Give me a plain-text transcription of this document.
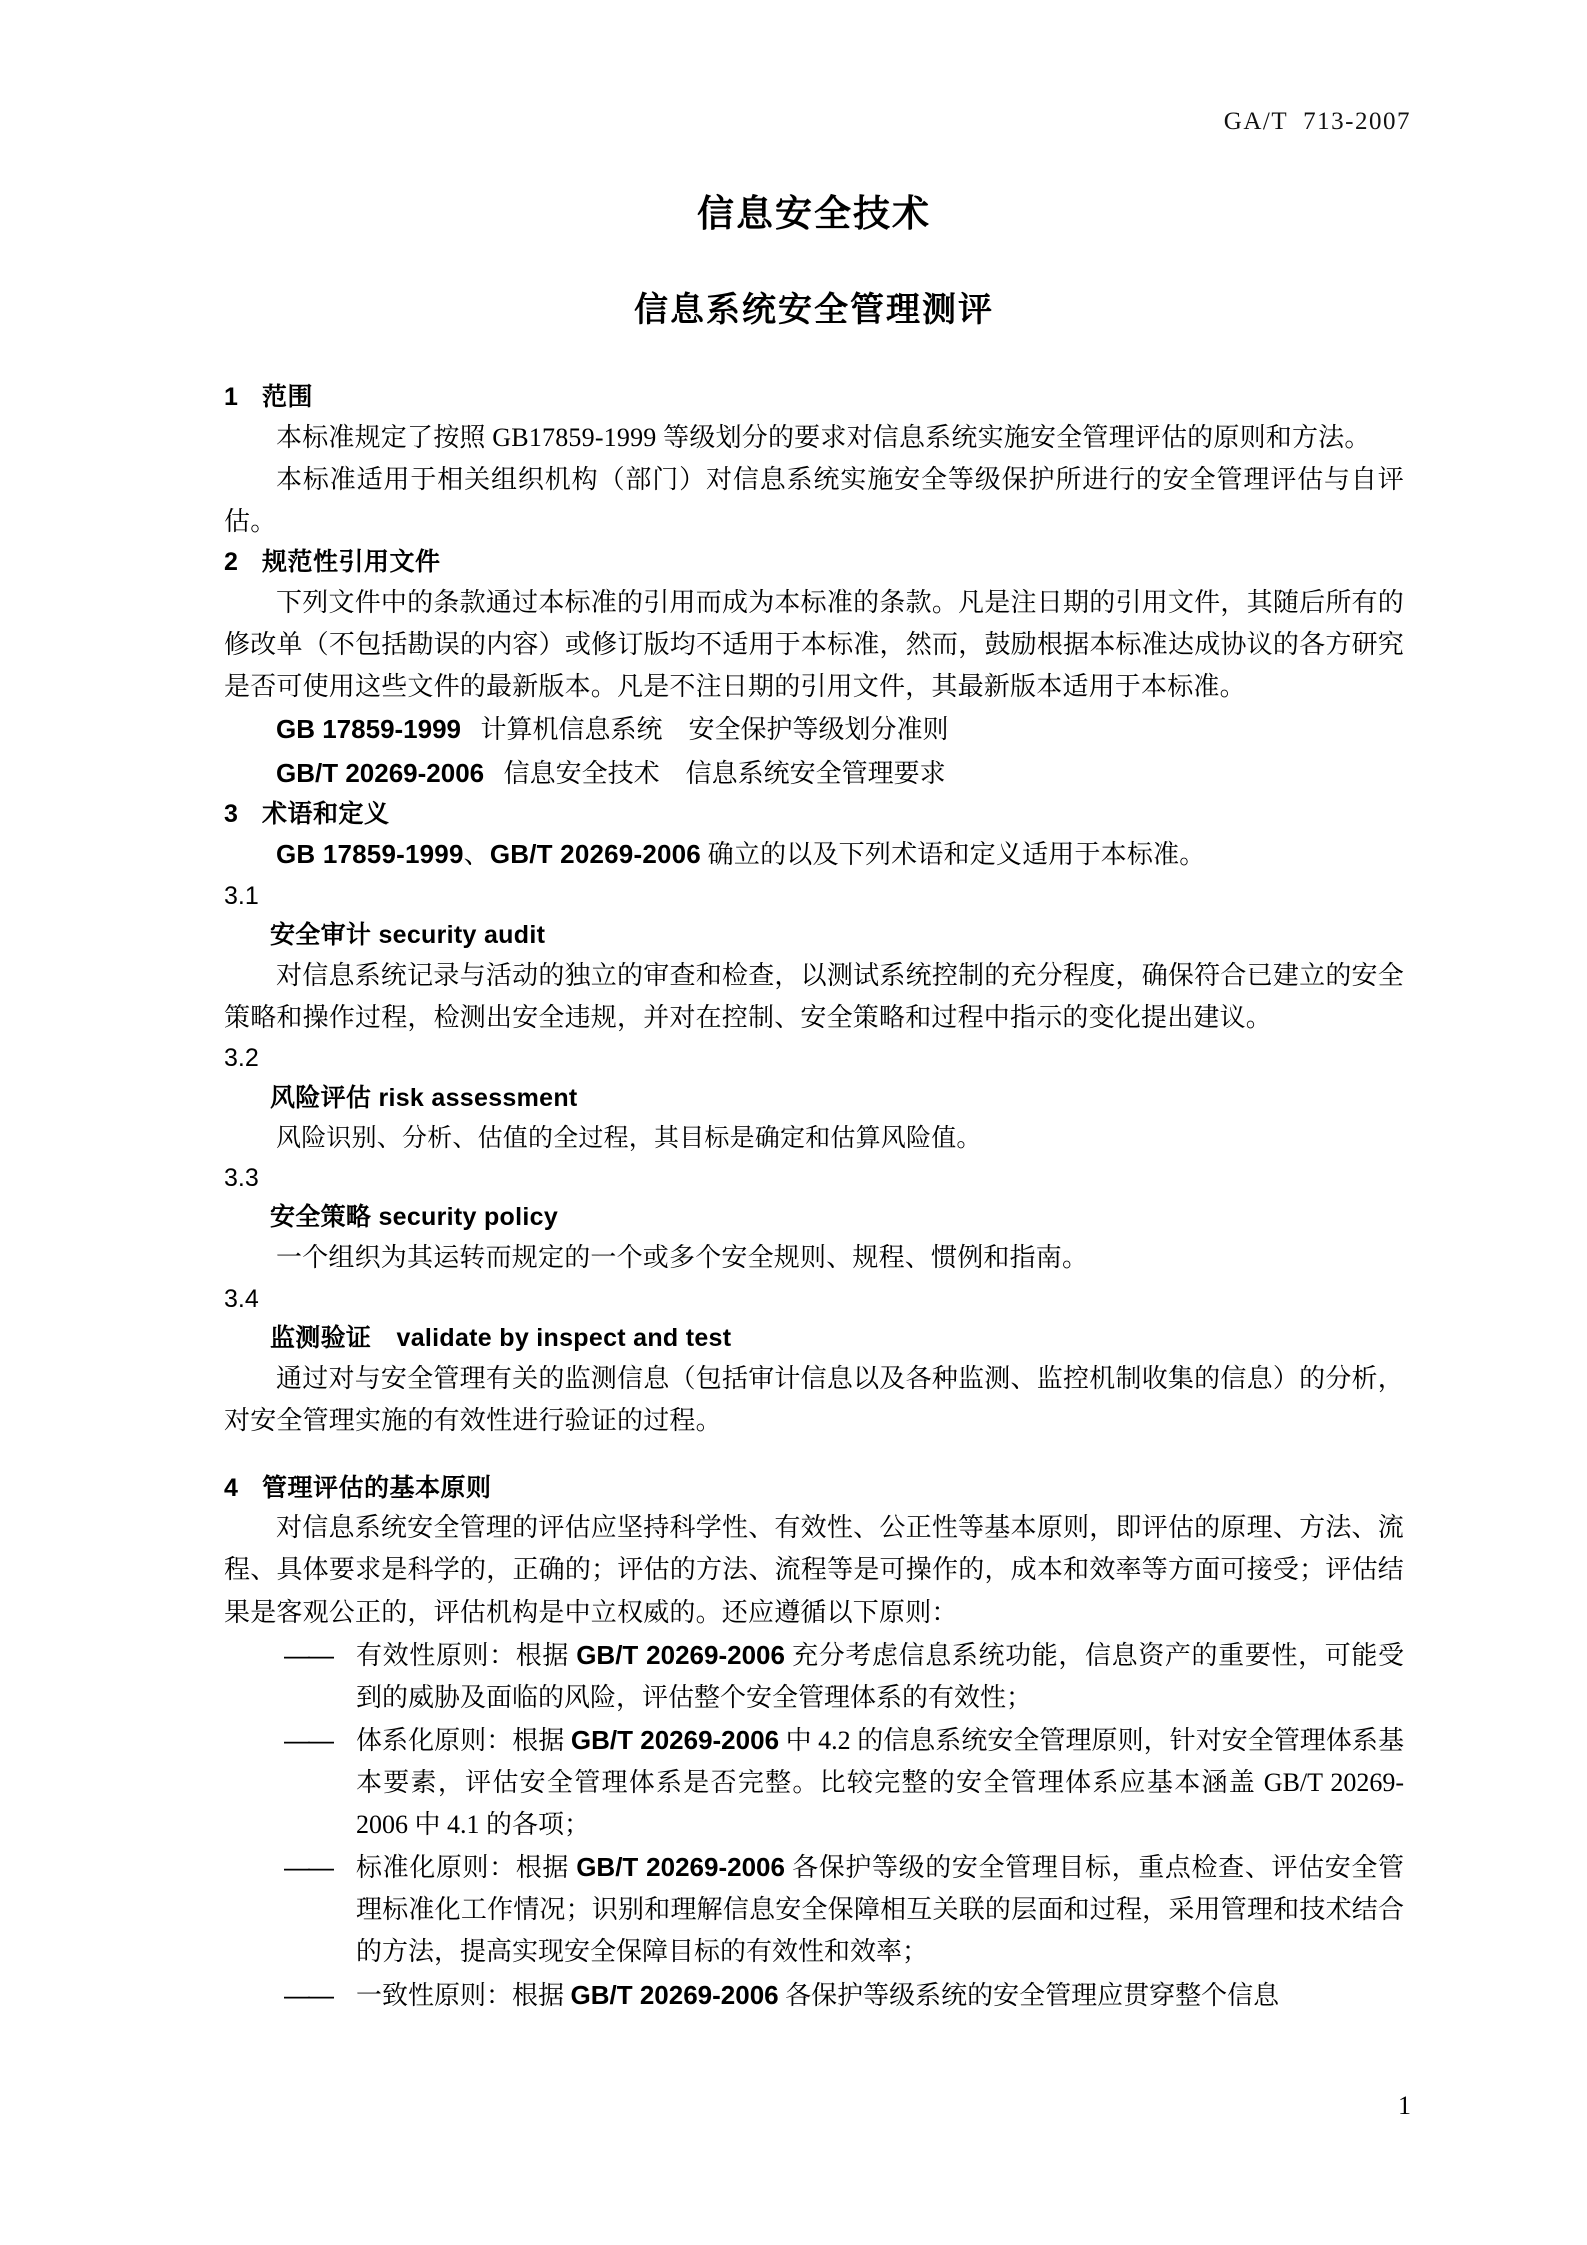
GA/T  713-2007
信息安全技术
信息系统安全管理测评

1 范围

本标准规定了按照 GB17859-1999 等级划分的要求对信息系统实施安全管理评估的原则和方法。

本标准适用于相关组织机构（部门）对信息系统实施安全等级保护所进行的安全管理评估与自评估。

2 规范性引用文件

下列文件中的条款通过本标准的引用而成为本标准的条款。凡是注日期的引用文件，其随后所有的修改单（不包括勘误的内容）或修订版均不适用于本标准，然而，鼓励根据本标准达成协议的各方研究是否可使用这些文件的最新版本。凡是不注日期的引用文件，其最新版本适用于本标准。

GB 17859-1999 计算机信息系统　安全保护等级划分准则

GB/T 20269-2006 信息安全技术　信息系统安全管理要求

3 术语和定义

GB 17859-1999、GB/T 20269-2006 确立的以及下列术语和定义适用于本标准。

3.1

安全审计 security audit

对信息系统记录与活动的独立的审查和检查，以测试系统控制的充分程度，确保符合已建立的安全策略和操作过程，检测出安全违规，并对在控制、安全策略和过程中指示的变化提出建议。

3.2

风险评估 risk assessment

风险识别、分析、估值的全过程，其目标是确定和估算风险值。

3.3

安全策略 security policy

一个组织为其运转而规定的一个或多个安全规则、规程、惯例和指南。

3.4

监测验证　validate by inspect and test

通过对与安全管理有关的监测信息（包括审计信息以及各种监测、监控机制收集的信息）的分析，对安全管理实施的有效性进行验证的过程。

4 管理评估的基本原则

对信息系统安全管理的评估应坚持科学性、有效性、公正性等基本原则，即评估的原理、方法、流程、具体要求是科学的，正确的；评估的方法、流程等是可操作的，成本和效率等方面可接受；评估结果是客观公正的，评估机构是中立权威的。还应遵循以下原则：

—— 有效性原则：根据 GB/T 20269-2006 充分考虑信息系统功能，信息资产的重要性，可能受到的威胁及面临的风险，评估整个安全管理体系的有效性；
—— 体系化原则：根据 GB/T 20269-2006 中 4.2 的信息系统安全管理原则，针对安全管理体系基本要素，评估安全管理体系是否完整。比较完整的安全管理体系应基本涵盖 GB/T 20269-2006 中 4.1 的各项；
—— 标准化原则：根据 GB/T 20269-2006 各保护等级的安全管理目标，重点检查、评估安全管理标准化工作情况；识别和理解信息安全保障相互关联的层面和过程，采用管理和技术结合的方法，提高实现安全保障目标的有效性和效率；
—— 一致性原则：根据 GB/T 20269-2006 各保护等级系统的安全管理应贯穿整个信息
1
